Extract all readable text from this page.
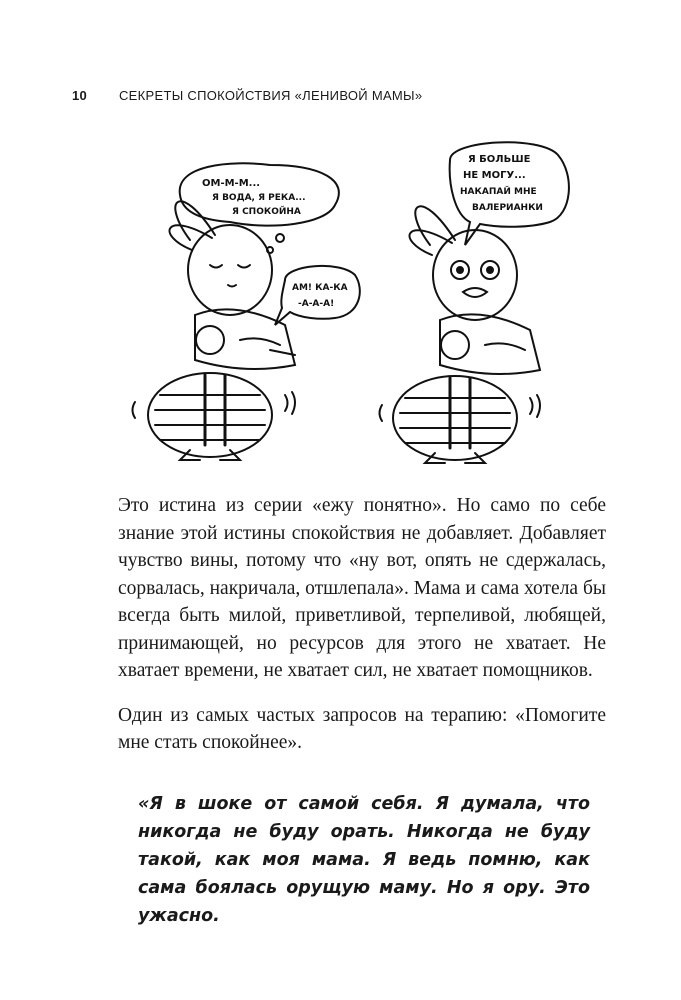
10 СЕКРЕТЫ СПОКОЙСТВИЯ «ЛЕНИВОЙ МАМЫ»
ОМ-М-М...
Я ВОДА, Я РЕКА...
Я СПОКОЙНА
АМ! КА-КА
-А-А-А!
Я БОЛЬШЕ
НЕ МОГУ...
НАКАПАЙ МНЕ
ВАЛЕРИАНКИ

Это истина из серии «ежу понятно». Но само по себе знание этой истины спокойствия не добавляет. Добавляет чувство вины, потому что «ну вот, опять не сдержалась, сорвалась, накричала, отшлепала». Мама и сама хотела бы всегда быть милой, приветливой, терпеливой, любящей, принимающей, но ресурсов для этого не хватает. Не хватает времени, не хватает сил, не хватает помощников.

Один из самых частых запросов на терапию: «Помогите мне стать спокойнее».

«Я в шоке от самой себя. Я думала, что никогда не буду орать. Никогда не буду такой, как моя мама. Я ведь помню, как сама боялась орущую маму. Но я ору. Это ужасно.
